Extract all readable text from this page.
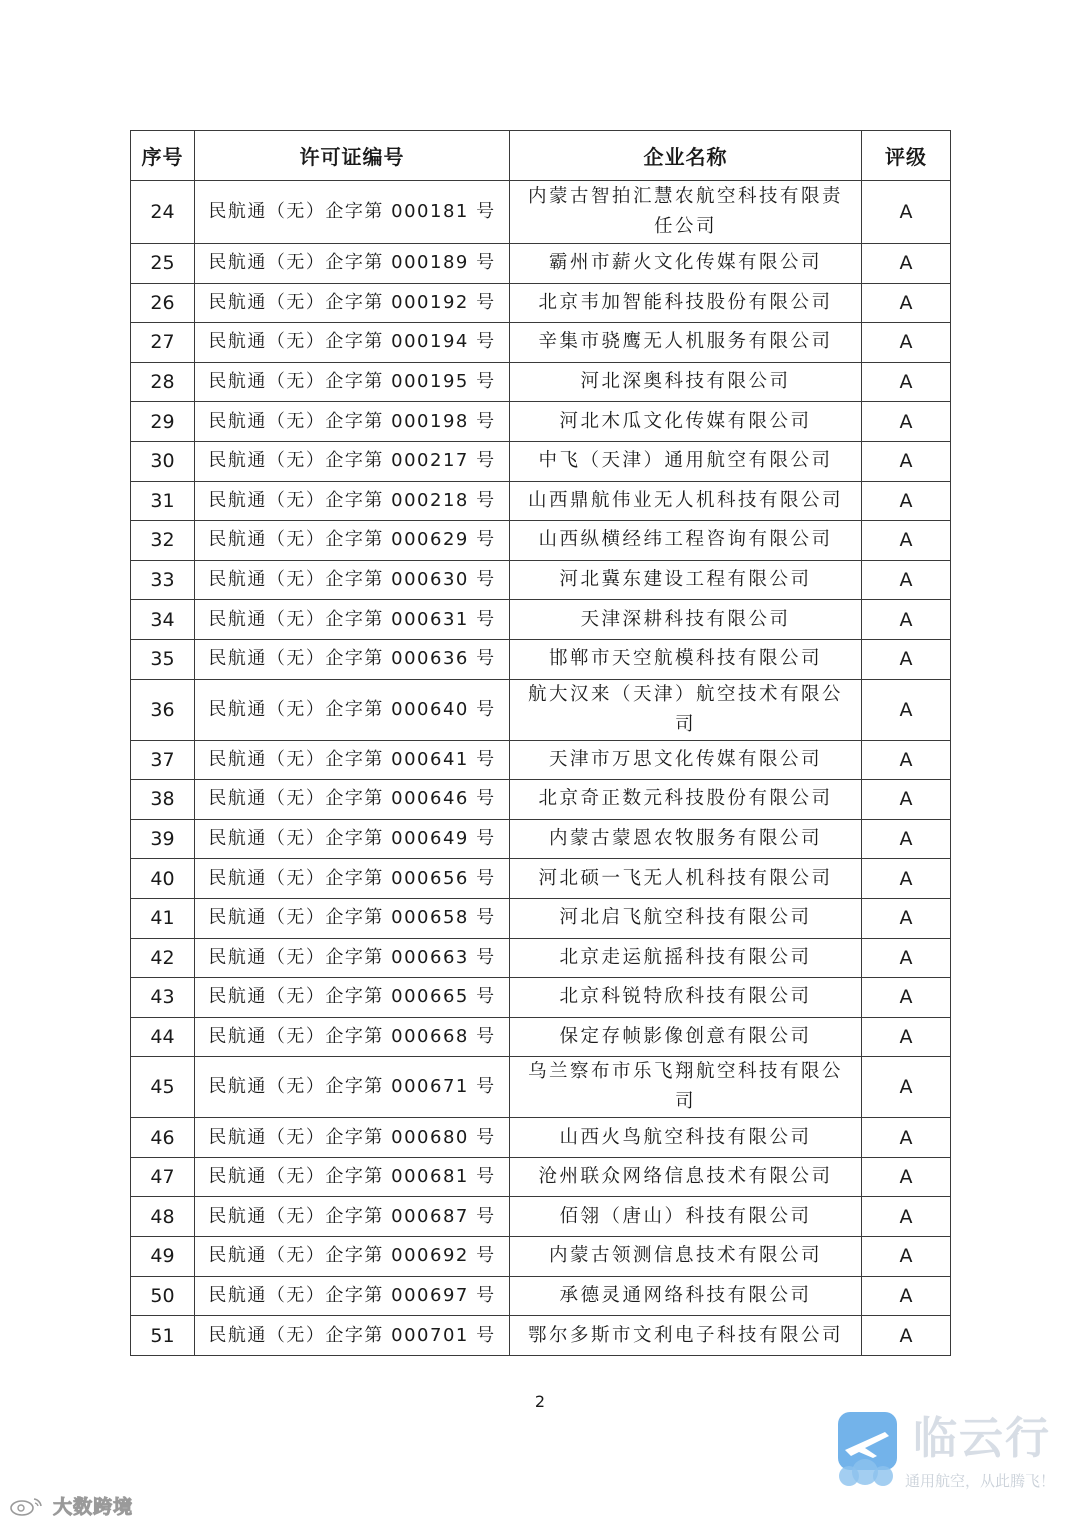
序号	许可证编号	企业名称	评级
24	民航通（无）企字第 000181 号	内蒙古智拍汇慧农航空科技有限责任公司	A
25	民航通（无）企字第 000189 号	霸州市薪火文化传媒有限公司	A
26	民航通（无）企字第 000192 号	北京韦加智能科技股份有限公司	A
27	民航通（无）企字第 000194 号	辛集市骁鹰无人机服务有限公司	A
28	民航通（无）企字第 000195 号	河北深奥科技有限公司	A
29	民航通（无）企字第 000198 号	河北木瓜文化传媒有限公司	A
30	民航通（无）企字第 000217 号	中飞（天津）通用航空有限公司	A
31	民航通（无）企字第 000218 号	山西鼎航伟业无人机科技有限公司	A
32	民航通（无）企字第 000629 号	山西纵横经纬工程咨询有限公司	A
33	民航通（无）企字第 000630 号	河北冀东建设工程有限公司	A
34	民航通（无）企字第 000631 号	天津深耕科技有限公司	A
35	民航通（无）企字第 000636 号	邯郸市天空航模科技有限公司	A
36	民航通（无）企字第 000640 号	航大汉来（天津）航空技术有限公司	A
37	民航通（无）企字第 000641 号	天津市万思文化传媒有限公司	A
38	民航通（无）企字第 000646 号	北京奇正数元科技股份有限公司	A
39	民航通（无）企字第 000649 号	内蒙古蒙恩农牧服务有限公司	A
40	民航通（无）企字第 000656 号	河北硕一飞无人机科技有限公司	A
41	民航通（无）企字第 000658 号	河北启飞航空科技有限公司	A
42	民航通（无）企字第 000663 号	北京走运航摇科技有限公司	A
43	民航通（无）企字第 000665 号	北京科锐特欣科技有限公司	A
44	民航通（无）企字第 000668 号	保定存帧影像创意有限公司	A
45	民航通（无）企字第 000671 号	乌兰察布市乐飞翔航空科技有限公司	A
46	民航通（无）企字第 000680 号	山西火鸟航空科技有限公司	A
47	民航通（无）企字第 000681 号	沧州联众网络信息技术有限公司	A
48	民航通（无）企字第 000687 号	佰翎（唐山）科技有限公司	A
49	民航通（无）企字第 000692 号	内蒙古领测信息技术有限公司	A
50	民航通（无）企字第 000697 号	承德灵通网络科技有限公司	A
51	民航通（无）企字第 000701 号	鄂尔多斯市文利电子科技有限公司	A
2
临云行
通用航空，从此腾飞！
大数跨境
